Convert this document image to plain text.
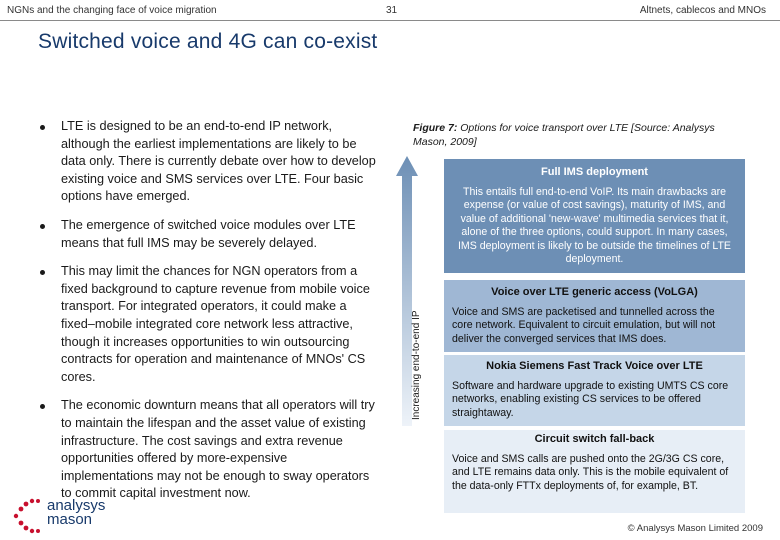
NGNs and the changing face of voice migration	31	Altnets, cablecos and MNOs
Switched voice and 4G can co-exist
LTE is designed to be an end-to-end IP network, although the earliest implementations are likely to be data only. There is currently debate over how to develop existing voice and SMS services over LTE. Four basic options have emerged.
The emergence of switched voice modules over LTE means that full IMS may be severely delayed.
This may limit the chances for NGN operators from a fixed background to capture revenue from mobile voice transport. For integrated operators, it could make a fixed–mobile integrated core network less attractive, though it increases opportunities to win outsourcing contracts for operation and maintenance of MNOs' CS cores.
The economic downturn means that all operators will try to maintain the lifespan and the asset value of existing infrastructure. The cost savings and extra revenue opportunities offered by more-expensive implementations may not be enough to sway operators to commit capital investment now.
Figure 7: Options for voice transport over LTE [Source: Analysys Mason, 2009]
Increasing end-to-end IP
Full IMS deployment
This entails full end-to-end VoIP. Its main drawbacks are expense (or value of cost savings), maturity of IMS, and value of additional 'new-wave' multimedia services that it, alone of the three options, could support. In many cases, IMS deployment is likely to be outside the timelines of LTE deployment.
Voice over LTE generic access (VoLGA)
Voice and SMS are packetised and tunnelled across the core network. Equivalent to circuit emulation, but will not deliver the converged services that IMS does.
Nokia Siemens Fast Track Voice over LTE
Software and hardware upgrade to existing UMTS CS core networks, enabling existing CS services to be offered straightaway.
Circuit switch fall-back
Voice and SMS calls are pushed onto the 2G/3G CS core, and LTE remains data only. This is the mobile equivalent of the data-only FTTx deployments of, for example, BT.
analysys
mason
© Analysys Mason Limited 2009
